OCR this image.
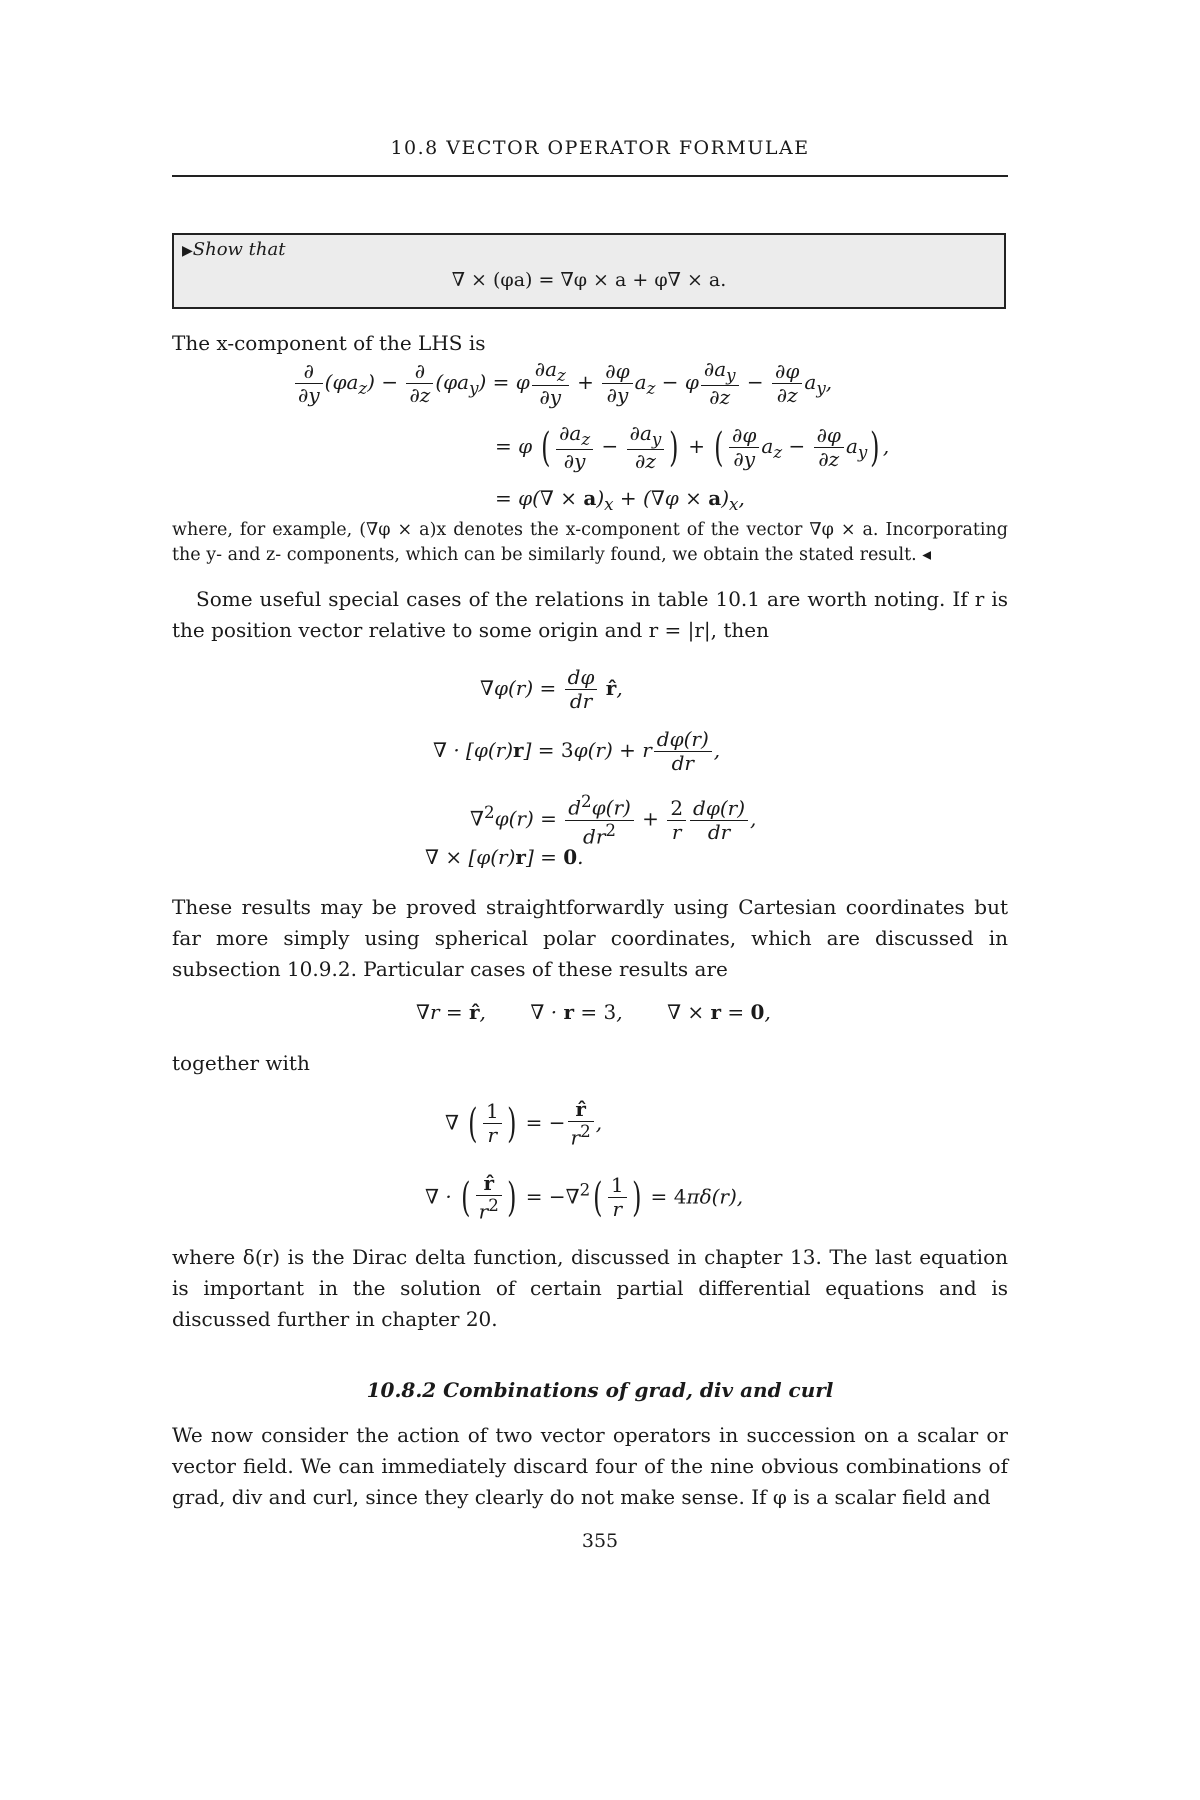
10.8 VECTOR OPERATOR FORMULAE
▶Show that
∇ × (φa) = ∇φ × a + φ∇ × a.

The x-component of the LHS is

$\frac{\partial}{\partial y} (\varphi a_z) - \frac{\partial}{\partial z} (\varphi a_y) = \varphi \frac{\partial a_z}{\partial y} + \frac{\partial\varphi}{\partial y} a_z - \varphi \frac{\partial a_y}{\partial z} - \frac{\partial\varphi}{\partial z} a_y$,
= φ ( $\frac{\partial a_z}{\partial y} - \frac{\partial a_y}{\partial z}$ ) + ( $\frac{\partial\varphi}{\partial y} a_z - \frac{\partial\varphi}{\partial z} a_y$) ,
= $\varphi(\nabla \times a)_x + (\nabla\varphi \times a)_x$,

where, for example, (∇φ × a)x denotes the x-component of the vector ∇φ × a. Incorporating the y- and z- components, which can be similarly found, we obtain the stated result. ◂

Some useful special cases of the relations in table 10.1 are worth noting. If r is the position vector relative to some origin and r = |r|, then

$\nabla\varphi(r) = \frac{d\varphi}{dr}$ r̂,
∇ · [φ(r)r] = 3φ(r) + r $\frac{d\varphi(r)}{dr}$ ,
$\nabla^2\varphi(r) = \frac{d^2\varphi(r)}{dr^2} + \frac{2}{r} \frac{d\varphi(r)}{dr}$ ,
∇ × [φ(r)r] = 0.

These results may be proved straightforwardly using Cartesian coordinates but far more simply using spherical polar coordinates, which are discussed in subsection 10.9.2. Particular cases of these results are

∇r = r̂,       ∇ · r = 3,       ∇ × r = 0,

together with

∇ ( $\frac{1}{r}$ ) = − $\frac{r̂}{r^2}$ ,
∇ · ( $\frac{r̂}{r^2}$ ) = $-\nabla^2( \frac{1}{r}$ ) = 4πδ(r),

where δ(r) is the Dirac delta function, discussed in chapter 13. The last equation is important in the solution of certain partial differential equations and is discussed further in chapter 20.

10.8.2 Combinations of grad, div and curl

We now consider the action of two vector operators in succession on a scalar or vector field. We can immediately discard four of the nine obvious combinations of grad, div and curl, since they clearly do not make sense. If φ is a scalar field and

355
